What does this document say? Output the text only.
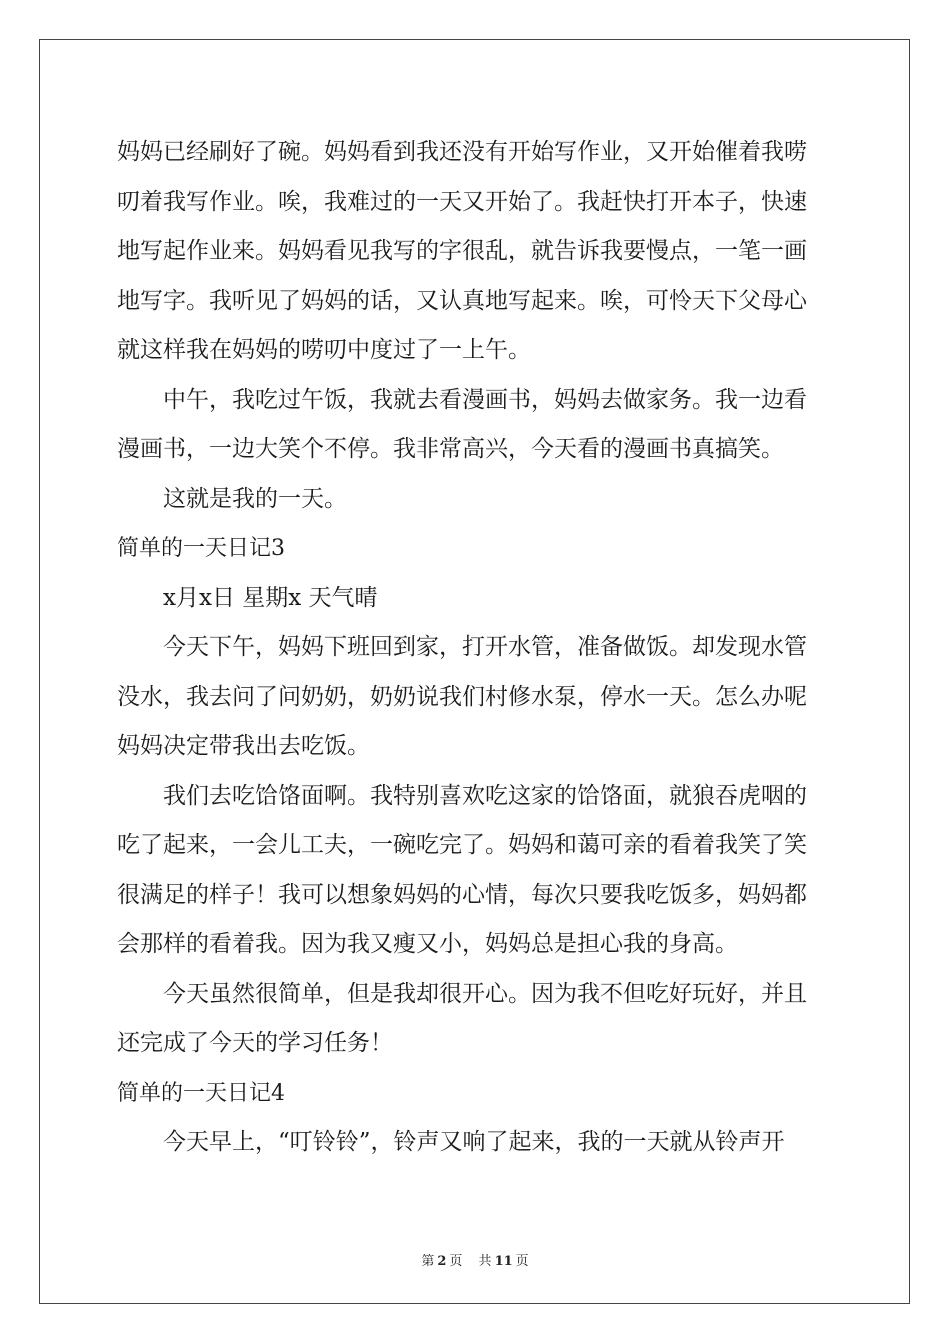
妈妈已经刷好了碗。妈妈看到我还没有开始写作业，又开始催着我唠
叨着我写作业。唉，我难过的一天又开始了。我赶快打开本子，快速
地写起作业来。妈妈看见我写的字很乱，就告诉我要慢点，一笔一画
地写字。我听见了妈妈的话，又认真地写起来。唉，可怜天下父母心
就这样我在妈妈的唠叨中度过了一上午。
中午，我吃过午饭，我就去看漫画书，妈妈去做家务。我一边看
漫画书，一边大笑个不停。我非常高兴，今天看的漫画书真搞笑。
这就是我的一天。
简单的一天日记3
x月x日 星期x 天气晴
今天下午，妈妈下班回到家，打开水管，准备做饭。却发现水管
没水，我去问了问奶奶，奶奶说我们村修水泵，停水一天。怎么办呢
妈妈决定带我出去吃饭。
我们去吃饸饹面啊。我特别喜欢吃这家的饸饹面，就狼吞虎咽的
吃了起来，一会儿工夫，一碗吃完了。妈妈和蔼可亲的看着我笑了笑
很满足的样子！我可以想象妈妈的心情，每次只要我吃饭多，妈妈都
会那样的看着我。因为我又瘦又小，妈妈总是担心我的身高。
今天虽然很简单，但是我却很开心。因为我不但吃好玩好，并且
还完成了今天的学习任务！
简单的一天日记4
今天早上，“叮铃铃”，铃声又响了起来，我的一天就从铃声开
第 2 页 共 11 页
